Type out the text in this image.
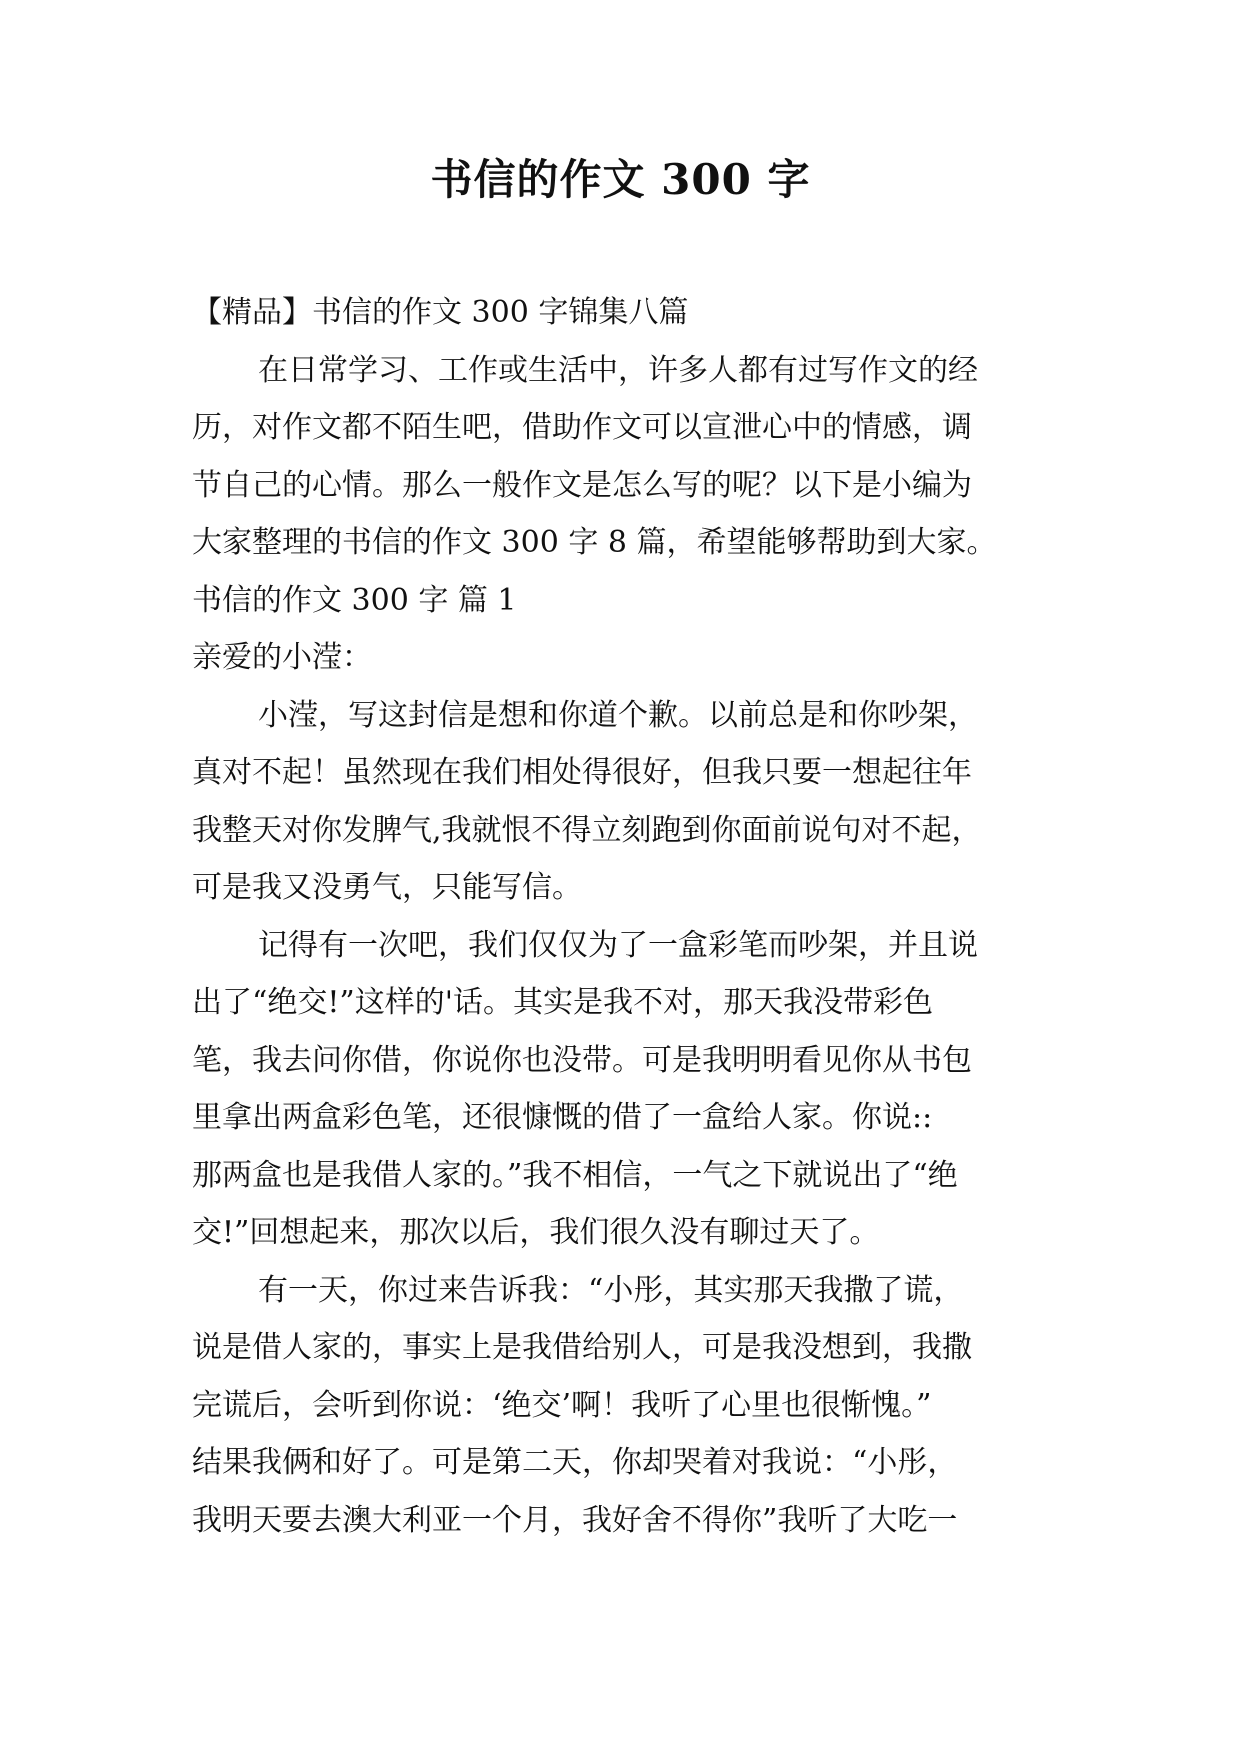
书信的作文 300 字
【精品】书信的作文 300 字锦集八篇
在日常学习、工作或生活中，许多人都有过写作文的经
历，对作文都不陌生吧，借助作文可以宣泄心中的情感，调
节自己的心情。那么一般作文是怎么写的呢？以下是小编为
大家整理的书信的作文 300 字 8 篇，希望能够帮助到大家。
书信的作文 300 字 篇 1
亲爱的小滢：
小滢，写这封信是想和你道个歉。以前总是和你吵架，
真对不起！虽然现在我们相处得很好，但我只要一想起往年
我整天对你发脾气,我就恨不得立刻跑到你面前说句对不起，
可是我又没勇气，只能写信。
记得有一次吧，我们仅仅为了一盒彩笔而吵架，并且说
出了“绝交!”这样的'话。其实是我不对，那天我没带彩色
笔，我去问你借，你说你也没带。可是我明明看见你从书包
里拿出两盒彩色笔，还很慷慨的借了一盒给人家。你说::
那两盒也是我借人家的。”我不相信，一气之下就说出了“绝
交!”回想起来，那次以后，我们很久没有聊过天了。
有一天，你过来告诉我：“小彤，其实那天我撒了谎，
说是借人家的，事实上是我借给别人，可是我没想到，我撒
完谎后，会听到你说：‘绝交’啊！我听了心里也很惭愧。”
结果我俩和好了。可是第二天，你却哭着对我说：“小彤，
我明天要去澳大利亚一个月，我好舍不得你”我听了大吃一
